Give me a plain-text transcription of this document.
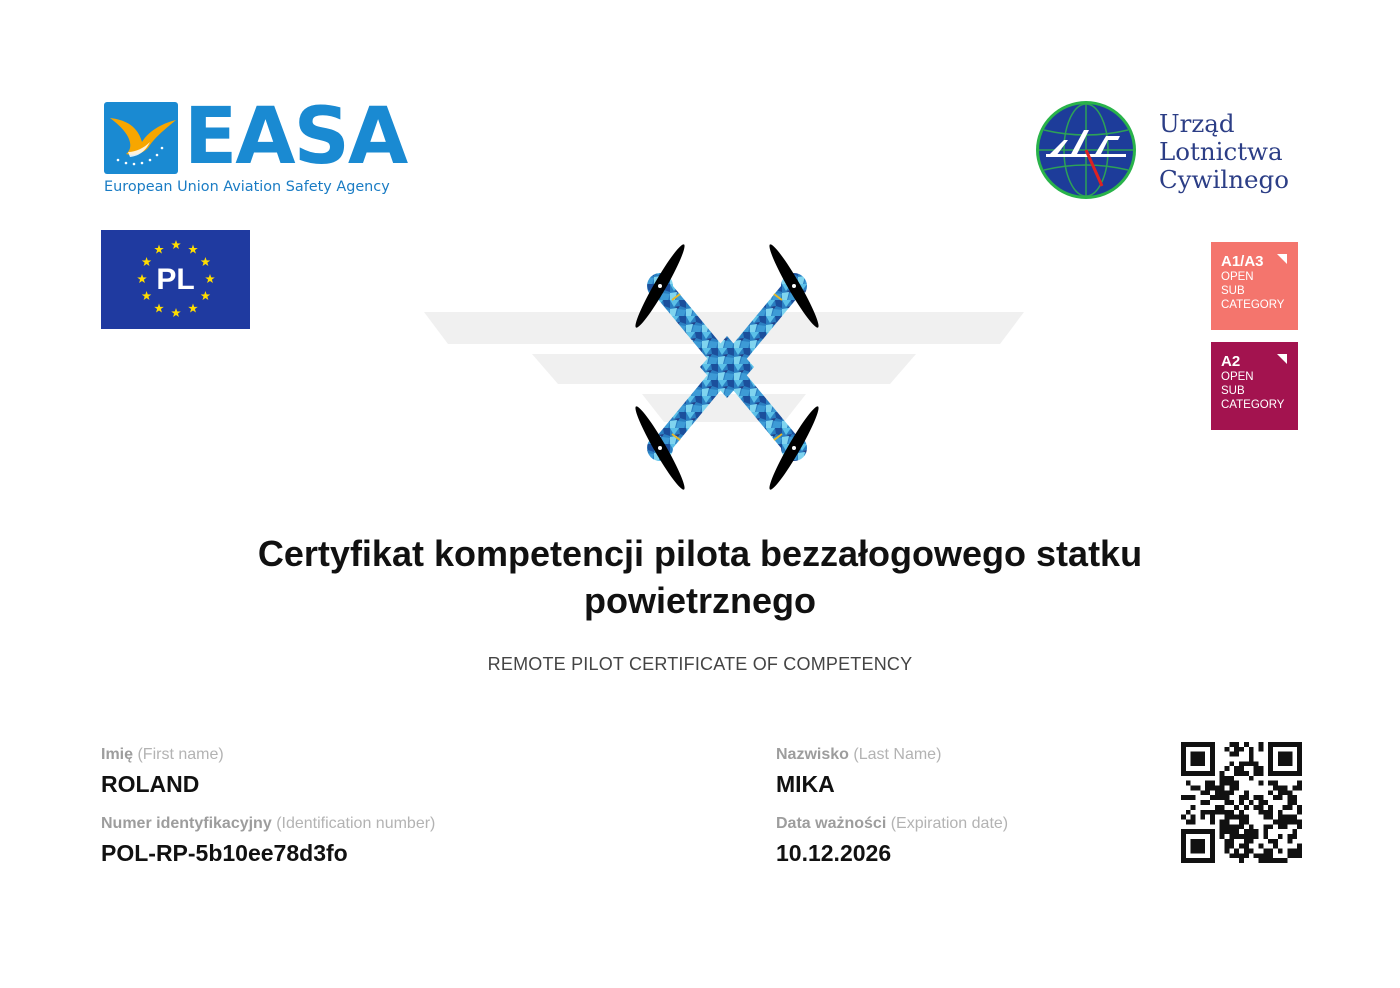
EASA
European Union Aviation Safety Agency
Urząd
Lotnictwa
Cywilnego
PL
A1/A3
OPEN
SUB
CATEGORY
A2
OPEN
SUB
CATEGORY
Certyfikat kompetencji pilota bezzałogowego statku powietrznego
REMOTE PILOT CERTIFICATE OF COMPETENCY
Imię (First name)
ROLAND
Nazwisko (Last Name)
MIKA
Numer identyfikacyjny (Identification number)
POL-RP-5b10ee78d3fo
Data ważności (Expiration date)
10.12.2026
